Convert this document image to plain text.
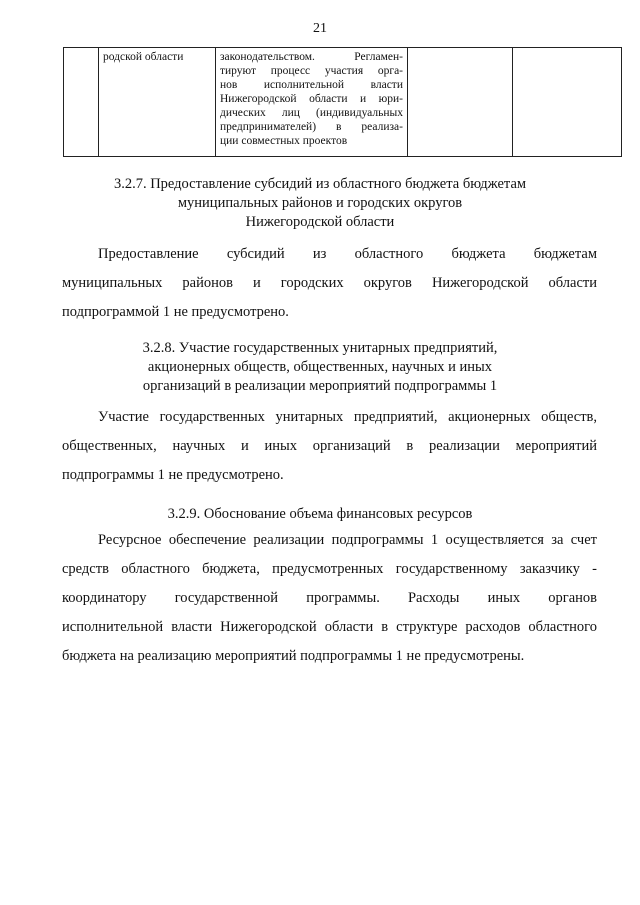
21
	родской области	законодательством. Регламен-
тируют процесс участия орга-
нов исполнительной власти
Нижегородской области и юри-
дических лиц (индивидуальных
предпринимателей) в реализа-
ции совместных проектов

3.2.7. Предоставление субсидий из областного бюджета бюджетам
муниципальных районов и городских округов
Нижегородской области
Предоставление субсидий из областного бюджета бюджетам
муниципальных районов и городских округов Нижегородской области
подпрограммой 1 не предусмотрено.
3.2.8. Участие государственных унитарных предприятий,
акционерных обществ, общественных, научных и иных
организаций в реализации мероприятий подпрограммы 1
Участие государственных унитарных предприятий, акционерных обществ,
общественных, научных и иных организаций в реализации мероприятий
подпрограммы 1 не предусмотрено.
3.2.9. Обоснование объема финансовых ресурсов
Ресурсное обеспечение реализации подпрограммы 1 осуществляется за счет
средств областного бюджета, предусмотренных государственному заказчику -
координатору государственной программы. Расходы иных органов
исполнительной власти Нижегородской области в структуре расходов областного
бюджета на реализацию мероприятий подпрограммы 1 не предусмотрены.
